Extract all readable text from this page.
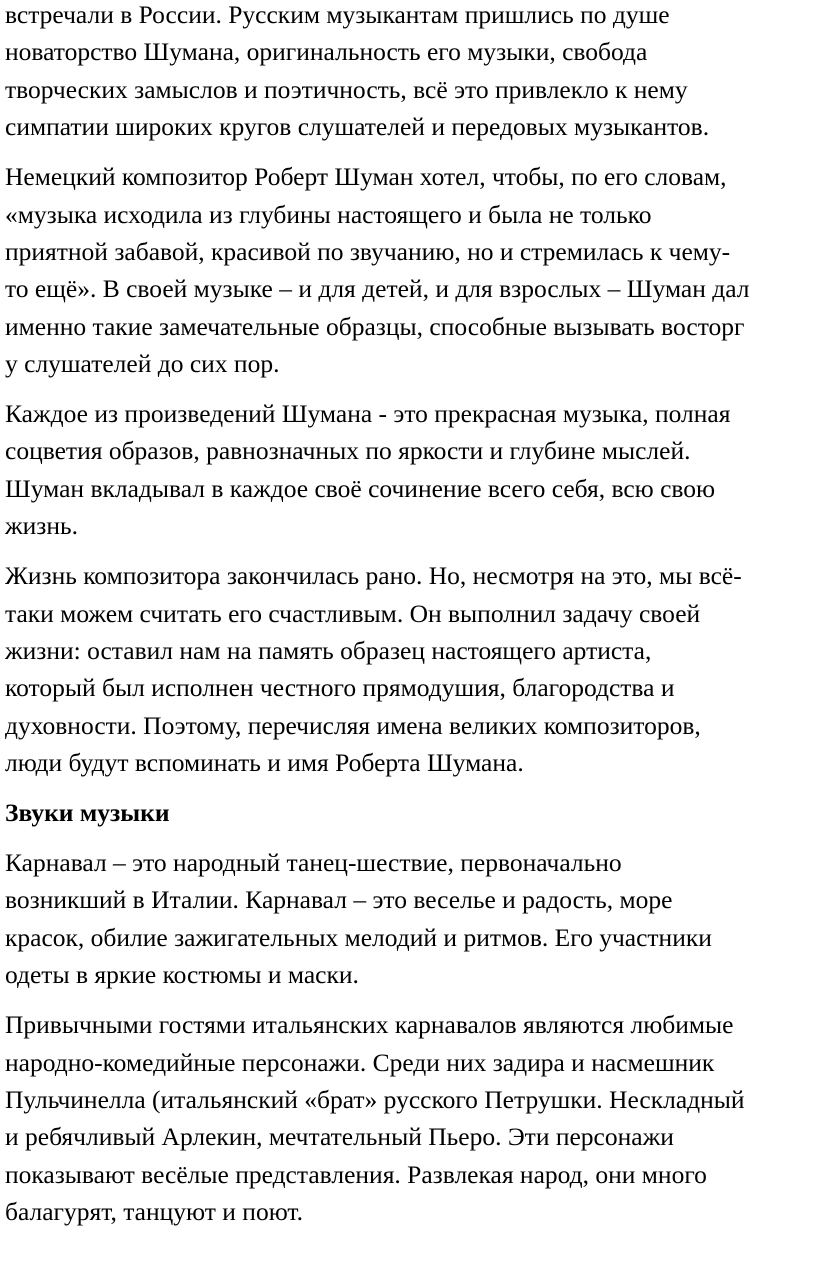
встречали в России. Русским музыкантам пришлись по душе
новаторство Шумана, оригинальность его музыки, свобода
творческих замыслов и поэтичность, всё это привлекло к нему
симпатии широких кругов слушателей и передовых музыкантов.

Немецкий композитор Роберт Шуман хотел, чтобы, по его словам,
«музыка исходила из глубины настоящего и была не только
приятной забавой, красивой по звучанию, но и стремилась к чему-
то ещё». В своей музыке – и для детей, и для взрослых – Шуман дал
именно такие замечательные образцы, способные вызывать восторг
у слушателей до сих пор.

Каждое из произведений Шумана - это прекрасная музыка, полная
соцветия образов, равнозначных по яркости и глубине мыслей.
Шуман вкладывал в каждое своё сочинение всего себя, всю свою
жизнь.

Жизнь композитора закончилась рано. Но, несмотря на это, мы всё-
таки можем считать его счастливым. Он выполнил задачу своей
жизни: оставил нам на память образец настоящего артиста,
который был исполнен честного прямодушия, благородства и
духовности. Поэтому, перечисляя имена великих композиторов,
люди будут вспоминать и имя Роберта Шумана.

Звуки музыки

Карнавал – это народный танец-шествие, первоначально
возникший в Италии. Карнавал – это веселье и радость, море
красок, обилие зажигательных мелодий и ритмов. Его участники
одеты в яркие костюмы и маски.

Привычными гостями итальянских карнавалов являются любимые
народно-комедийные персонажи. Среди них задира и насмешник
Пульчинелла (итальянский «брат» русского Петрушки. Нескладный
и ребячливый Арлекин, мечтательный Пьеро. Эти персонажи
показывают весёлые представления. Развлекая народ, они много
балагурят, танцуют и поют.
